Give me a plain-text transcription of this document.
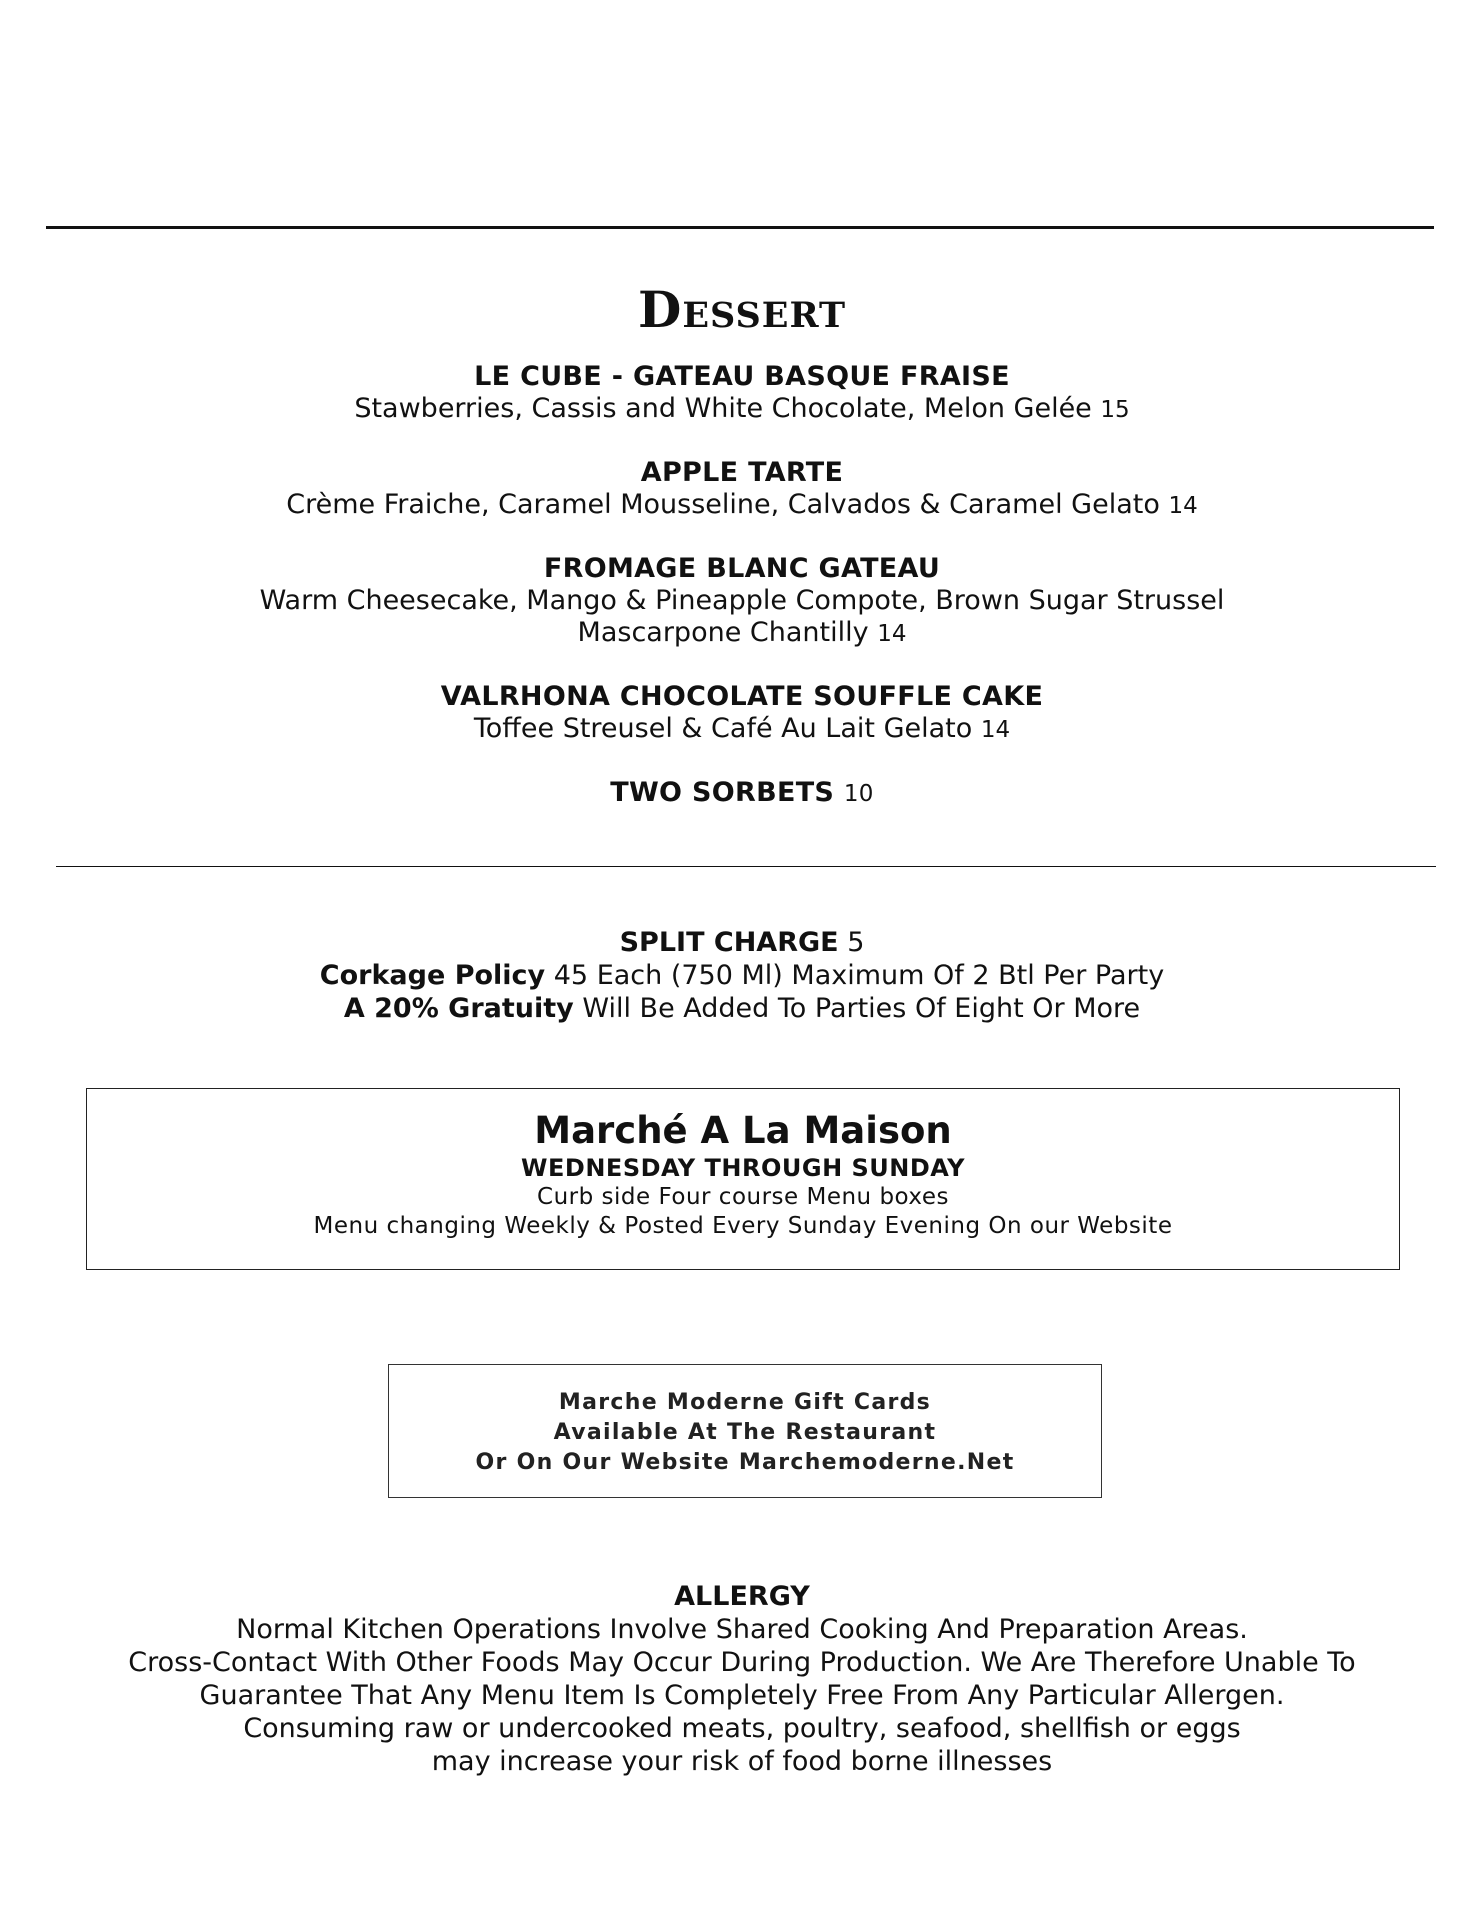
Dessert
LE CUBE - GATEAU BASQUE FRAISE
Stawberries, Cassis and White Chocolate, Melon Gelée 15
APPLE TARTE
Crème Fraiche, Caramel Mousseline, Calvados & Caramel Gelato 14
FROMAGE BLANC GATEAU
Warm Cheesecake, Mango & Pineapple Compote, Brown Sugar Strussel
Mascarpone Chantilly 14
VALRHONA CHOCOLATE SOUFFLE CAKE
Toffee Streusel & Café Au Lait Gelato 14
TWO SORBETS 10
SPLIT CHARGE 5
Corkage Policy 45 Each (750 Ml) Maximum Of 2 Btl Per Party
A 20% Gratuity Will Be Added To Parties Of Eight Or More
Marché A La Maison
WEDNESDAY THROUGH SUNDAY
Curb side Four course Menu boxes
Menu changing Weekly & Posted Every Sunday Evening On our Website
Marche Moderne Gift Cards
Available At The Restaurant
Or On Our Website Marchemoderne.Net
ALLERGY
Normal Kitchen Operations Involve Shared Cooking And Preparation Areas.
Cross-Contact With Other Foods May Occur During Production. We Are Therefore Unable To
Guarantee That Any Menu Item Is Completely Free From Any Particular Allergen.
Consuming raw or undercooked meats, poultry, seafood, shellfish or eggs
may increase your risk of food borne illnesses
